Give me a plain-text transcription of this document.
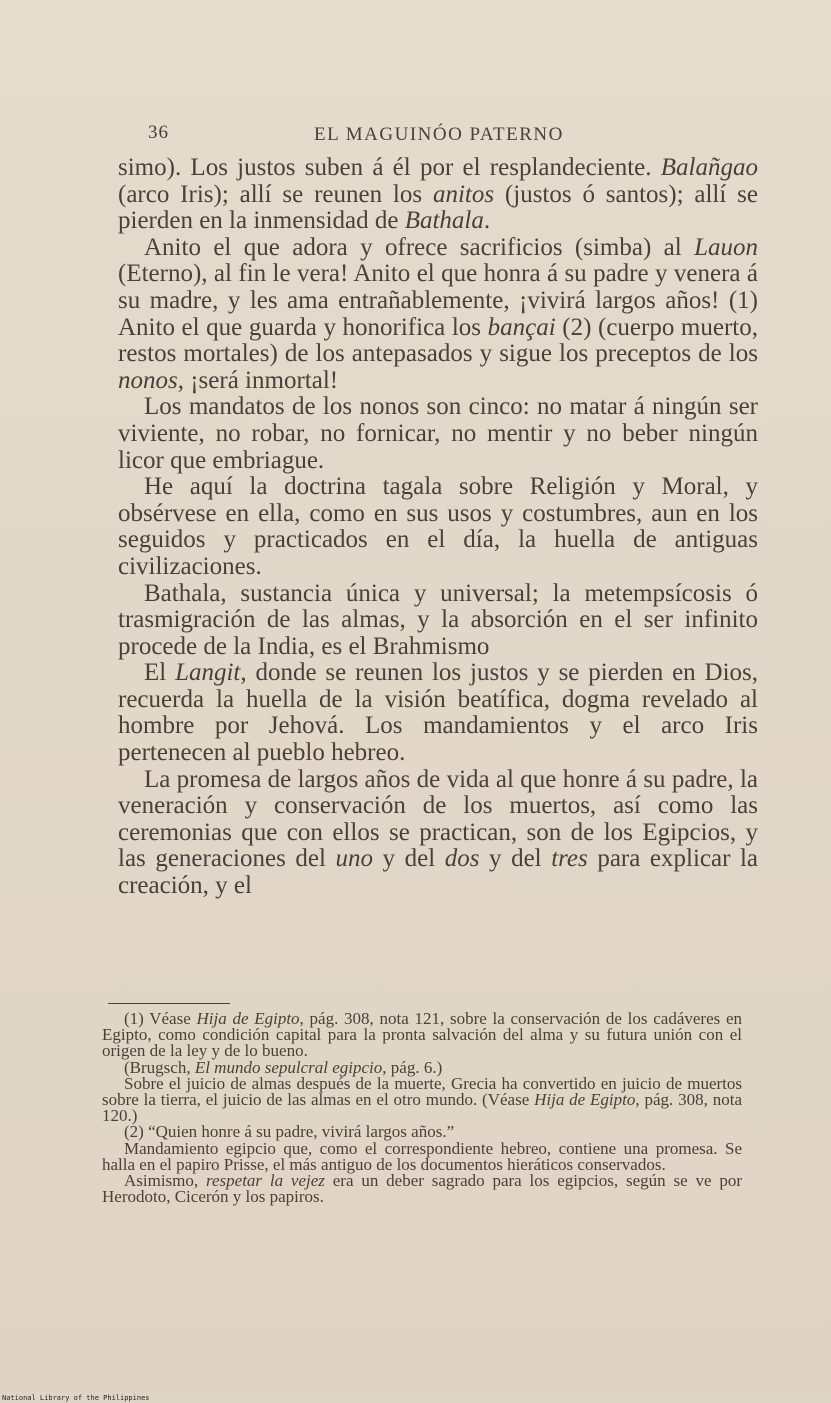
36	EL MAGUINÓO PATERNO

simo). Los justos suben á él por el resplandeciente. Balañgao (arco Iris); allí se reunen los anitos (justos ó santos); allí se pierden en la inmensidad de Bathala.

Anito el que adora y ofrece sacrificios (simba) al Lauon (Eterno), al fin le vera! Anito el que honra á su padre y venera á su madre, y les ama entrañablemente, ¡vivirá largos años! (1) Anito el que guarda y honorifica los bançai (2) (cuerpo muerto, restos mortales) de los antepasados y sigue los preceptos de los nonos, ¡será inmortal!

Los mandatos de los nonos son cinco: no matar á ningún ser viviente, no robar, no fornicar, no mentir y no beber ningún licor que embriague.

He aquí la doctrina tagala sobre Religión y Moral, y obsérvese en ella, como en sus usos y costumbres, aun en los seguidos y practicados en el día, la huella de antiguas civilizaciones.

Bathala, sustancia única y universal; la metempsícosis ó trasmigración de las almas, y la absorción en el ser infinito procede de la India, es el Brahmismo

El Langit, donde se reunen los justos y se pierden en Dios, recuerda la huella de la visión beatífica, dogma revelado al hombre por Jehová. Los mandamientos y el arco Iris pertenecen al pueblo hebreo.

La promesa de largos años de vida al que honre á su padre, la veneración y conservación de los muertos, así como las ceremonias que con ellos se practican, son de los Egipcios, y las generaciones del uno y del dos y del tres para explicar la creación, y el

(1) Véase Hija de Egipto, pág. 308, nota 121, sobre la conservación de los cadáveres en Egipto, como condición capital para la pronta salvación del alma y su futura unión con el origen de la ley y de lo bueno.

(Brugsch, El mundo sepulcral egipcio, pág. 6.)

Sobre el juicio de almas después de la muerte, Grecia ha convertido en juicio de muertos sobre la tierra, el juicio de las almas en el otro mundo. (Véase Hija de Egipto, pág. 308, nota 120.)

(2) “Quien honre á su padre, vivirá largos años.”

Mandamiento egipcio que, como el correspondiente hebreo, contiene una promesa. Se halla en el papiro Prisse, el más antiguo de los documentos hieráticos conservados.

Asimismo, respetar la vejez era un deber sagrado para los egipcios, según se ve por Herodoto, Cicerón y los papiros.

National Library of the Philippines
